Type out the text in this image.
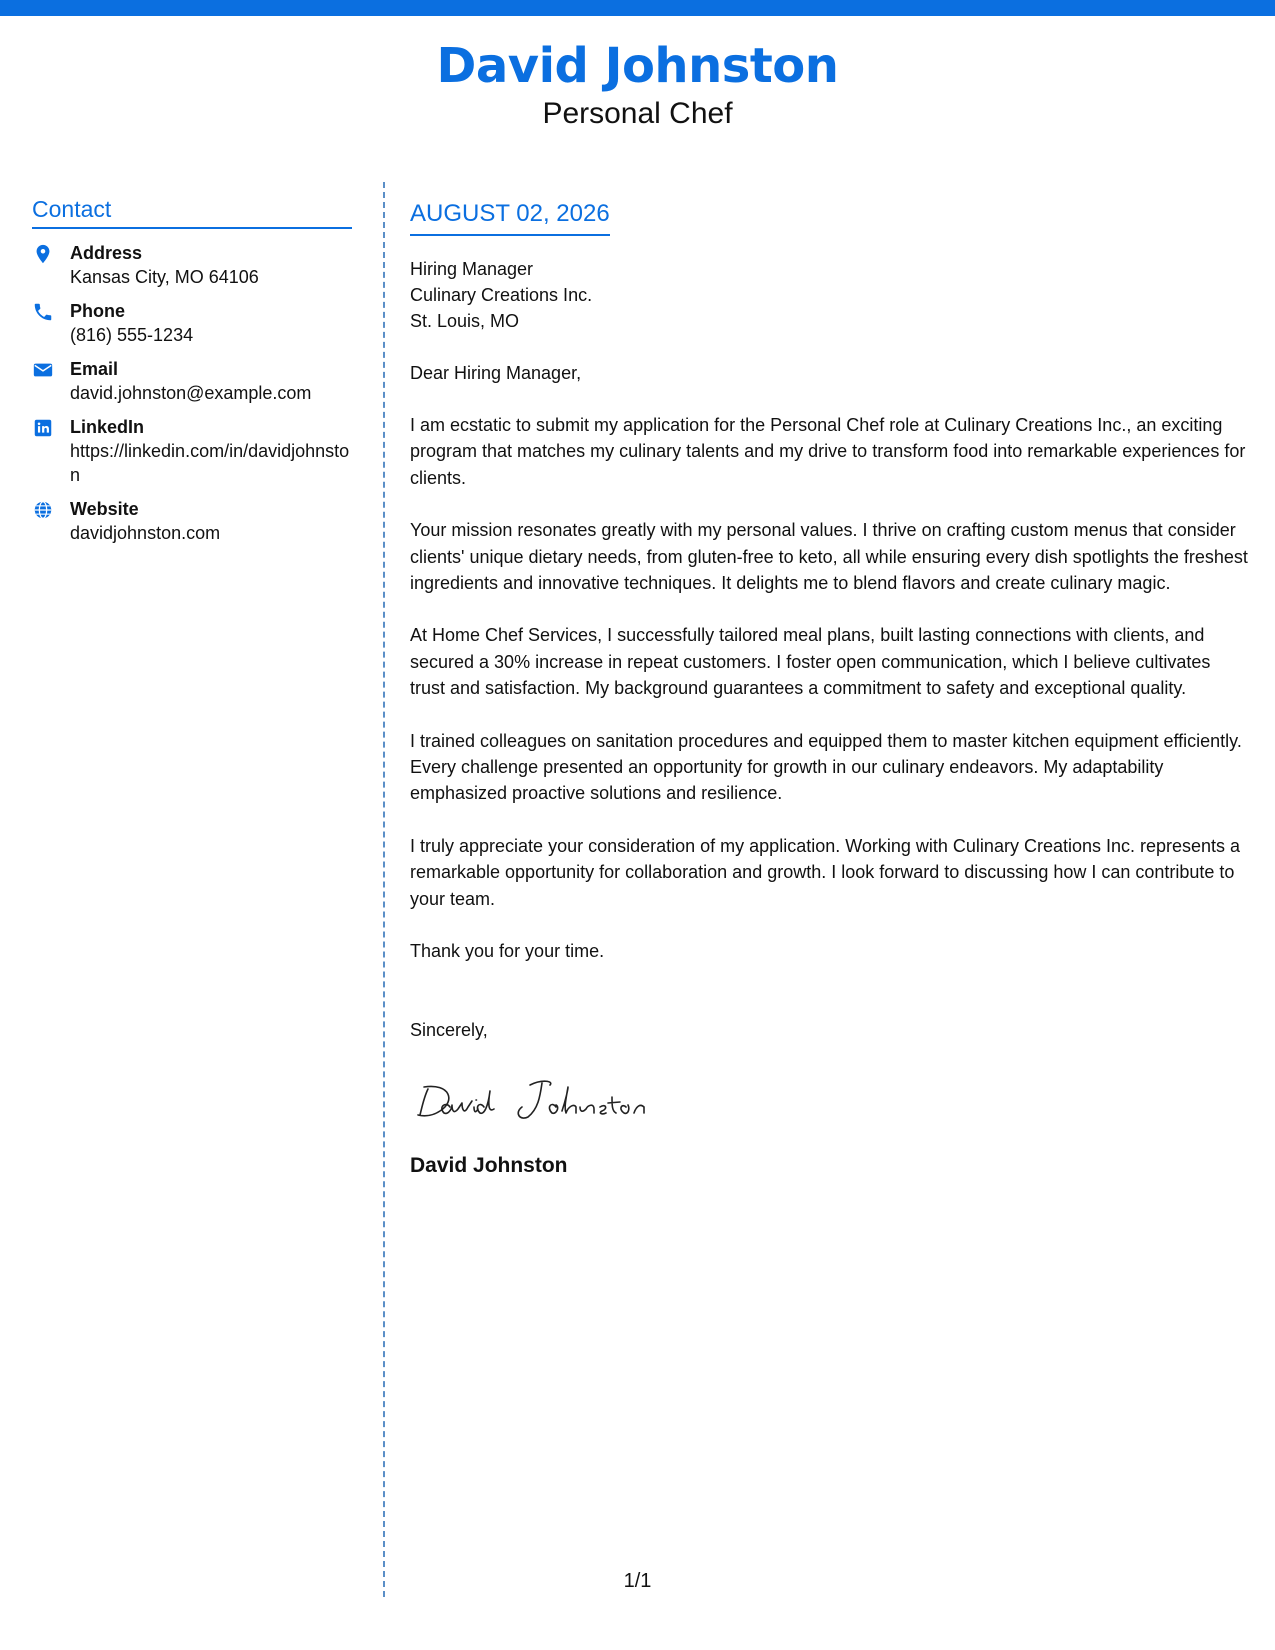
David Johnston
Personal Chef
Contact
Address
Kansas City, MO 64106
Phone
(816) 555-1234
Email
david.johnston@example.com
LinkedIn
https://linkedin.com/in/davidjohnston
Website
davidjohnston.com
AUGUST 02, 2026
Hiring Manager
Culinary Creations Inc.
St. Louis, MO
Dear Hiring Manager,
I am ecstatic to submit my application for the Personal Chef role at Culinary Creations Inc., an exciting program that matches my culinary talents and my drive to transform food into remarkable experiences for clients.
Your mission resonates greatly with my personal values. I thrive on crafting custom menus that consider clients' unique dietary needs, from gluten-free to keto, all while ensuring every dish spotlights the freshest ingredients and innovative techniques. It delights me to blend flavors and create culinary magic.
At Home Chef Services, I successfully tailored meal plans, built lasting connections with clients, and secured a 30% increase in repeat customers. I foster open communication, which I believe cultivates trust and satisfaction. My background guarantees a commitment to safety and exceptional quality.
I trained colleagues on sanitation procedures and equipped them to master kitchen equipment efficiently. Every challenge presented an opportunity for growth in our culinary endeavors. My adaptability emphasized proactive solutions and resilience.
I truly appreciate your consideration of my application. Working with Culinary Creations Inc. represents a remarkable opportunity for collaboration and growth. I look forward to discussing how I can contribute to your team.
Thank you for your time.
Sincerely,
David Johnston
1/1
